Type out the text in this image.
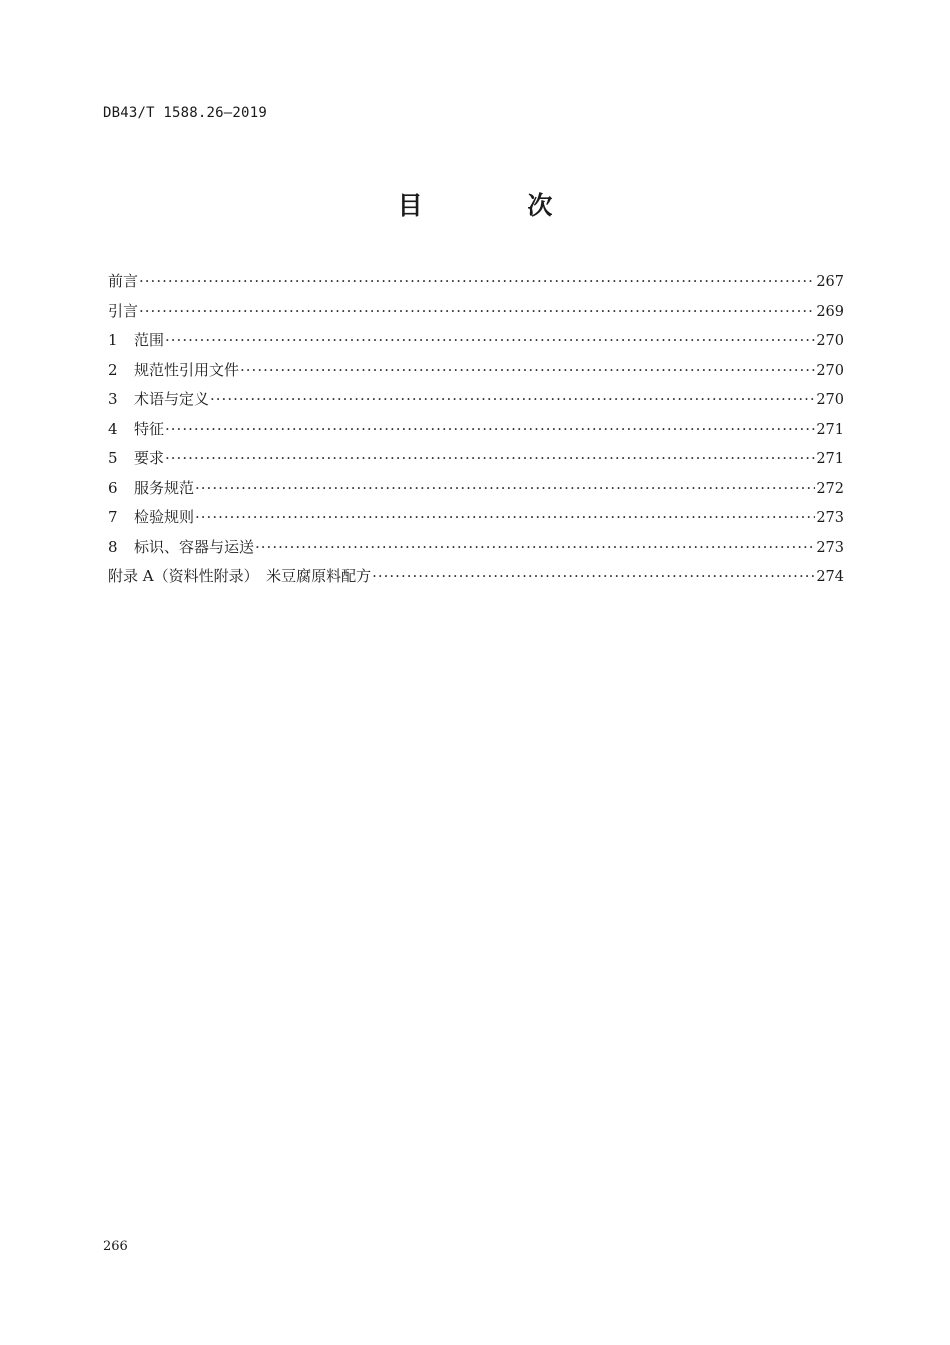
DB43/T 1588.26—2019
目 次
前言 ·····	267
引言 ·····	269
1	范围 ·····	270
2	规范性引用文件 ·····	270
3	术语与定义 ·····	270
4	特征 ·····	271
5	要求 ·····	271
6	服务规范 ·····	272
7	检验规则 ·····	273
8	标识、容器与运送 ·····	273
附录 A（资料性附录）　米豆腐原料配方 ·····	274
266
